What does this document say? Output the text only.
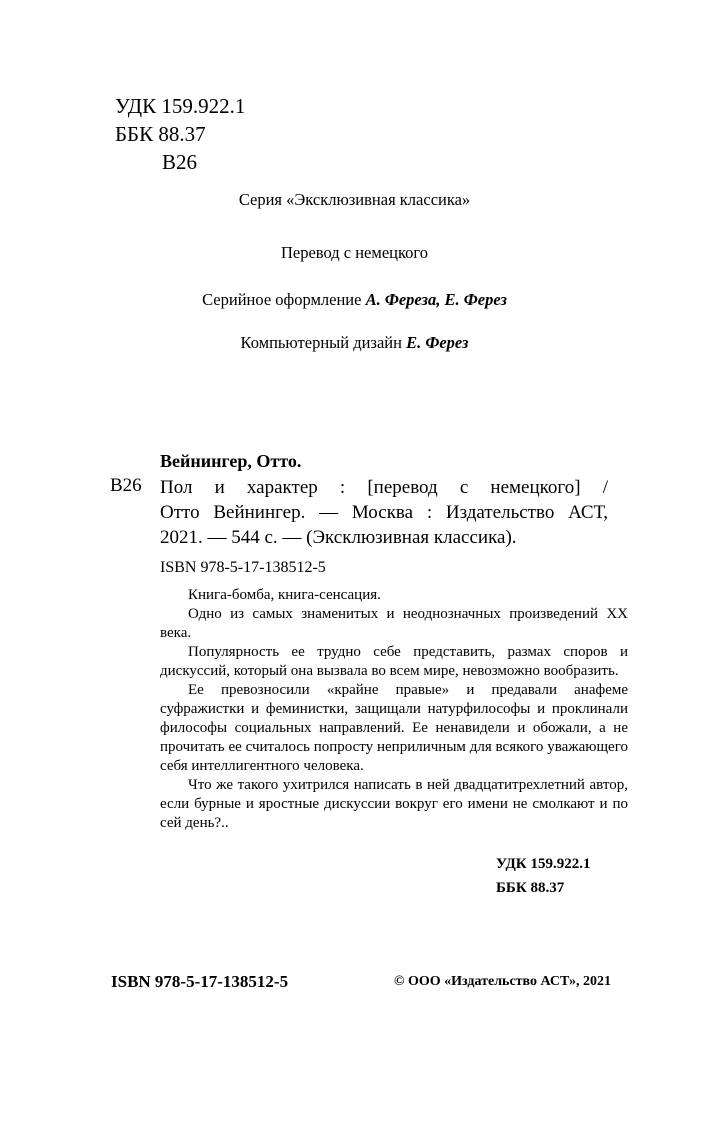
УДК 159.922.1
ББК 88.37
В26
Серия «Эксклюзивная классика»
Перевод с немецкого
Серийное оформление А. Фереза, Е. Ферез
Компьютерный дизайн Е. Ферез
Вейнингер, Отто.
В26 Пол и характер : [перевод с немецкого] /
Отто Вейнингер. — Москва : Издательство АСТ,
2021. — 544 с. — (Эксклюзивная классика).
ISBN 978-5-17-138512-5

Книга-бомба, книга-сенсация.

Одно из самых знаменитых и неоднозначных произведений XX века.

Популярность ее трудно себе представить, размах споров и дискуссий, который она вызвала во всем мире, невозможно вообразить.

Ее превозносили «крайне правые» и предавали анафеме суфражистки и феминистки, защищали натурфилософы и проклинали философы социальных направлений. Ее ненавидели и обожали, а не прочитать ее считалось попросту неприличным для всякого уважающего себя интеллигентного человека.

Что же такого ухитрился написать в ней двадцатитрехлетний автор, если бурные и яростные дискуссии вокруг его имени не смолкают и по сей день?..

УДК 159.922.1
ББК 88.37
ISBN 978-5-17-138512-5	© ООО «Издательство АСТ», 2021
